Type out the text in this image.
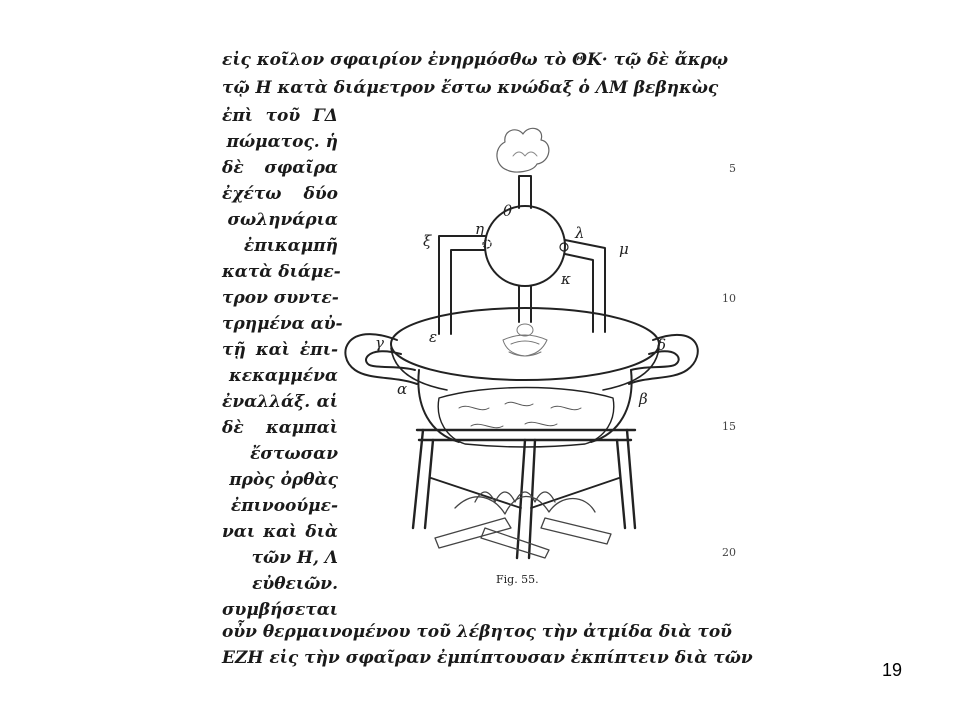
εἰς κοῖλον σφαιρίον ἐνηρμόσθω τὸ ΘΚ· τῷ δὲ ἄκρῳ
τῷ Η κατὰ διάμετρον ἔστω κνώδαξ ὁ ΛΜ βεβηκὼς
ἐπὶ τοῦ ΓΔ
πώματος. ἡ
δὲ σφαῖρα
ἐχέτω δύο
σωληνάρια
ἐπικαμπῆ
κατὰ διάμε-
τρον συντε-
τρημένα αὐ-
τῇ καὶ ἐπι-
κεκαμμένα
ἐναλλάξ. αἱ
δὲ καμπαὶ
ἔστωσαν
πρὸς ὀρθὰς
ἐπινοούμε-
ναι καὶ διὰ
τῶν Η, Λ
εὐθειῶν.
συμβήσεται
οὖν θερμαινομένου τοῦ λέβητος τὴν ἀτμίδα διὰ τοῦ
ΕΖΗ εἰς τὴν σφαῖραν ἐμπίπτουσαν ἐκπίπτειν διὰ τῶν
5
10
15
20
θ
η
ξ	λ
μ
κ
ε
γ	δ
α
β
Fig. 55.
19
